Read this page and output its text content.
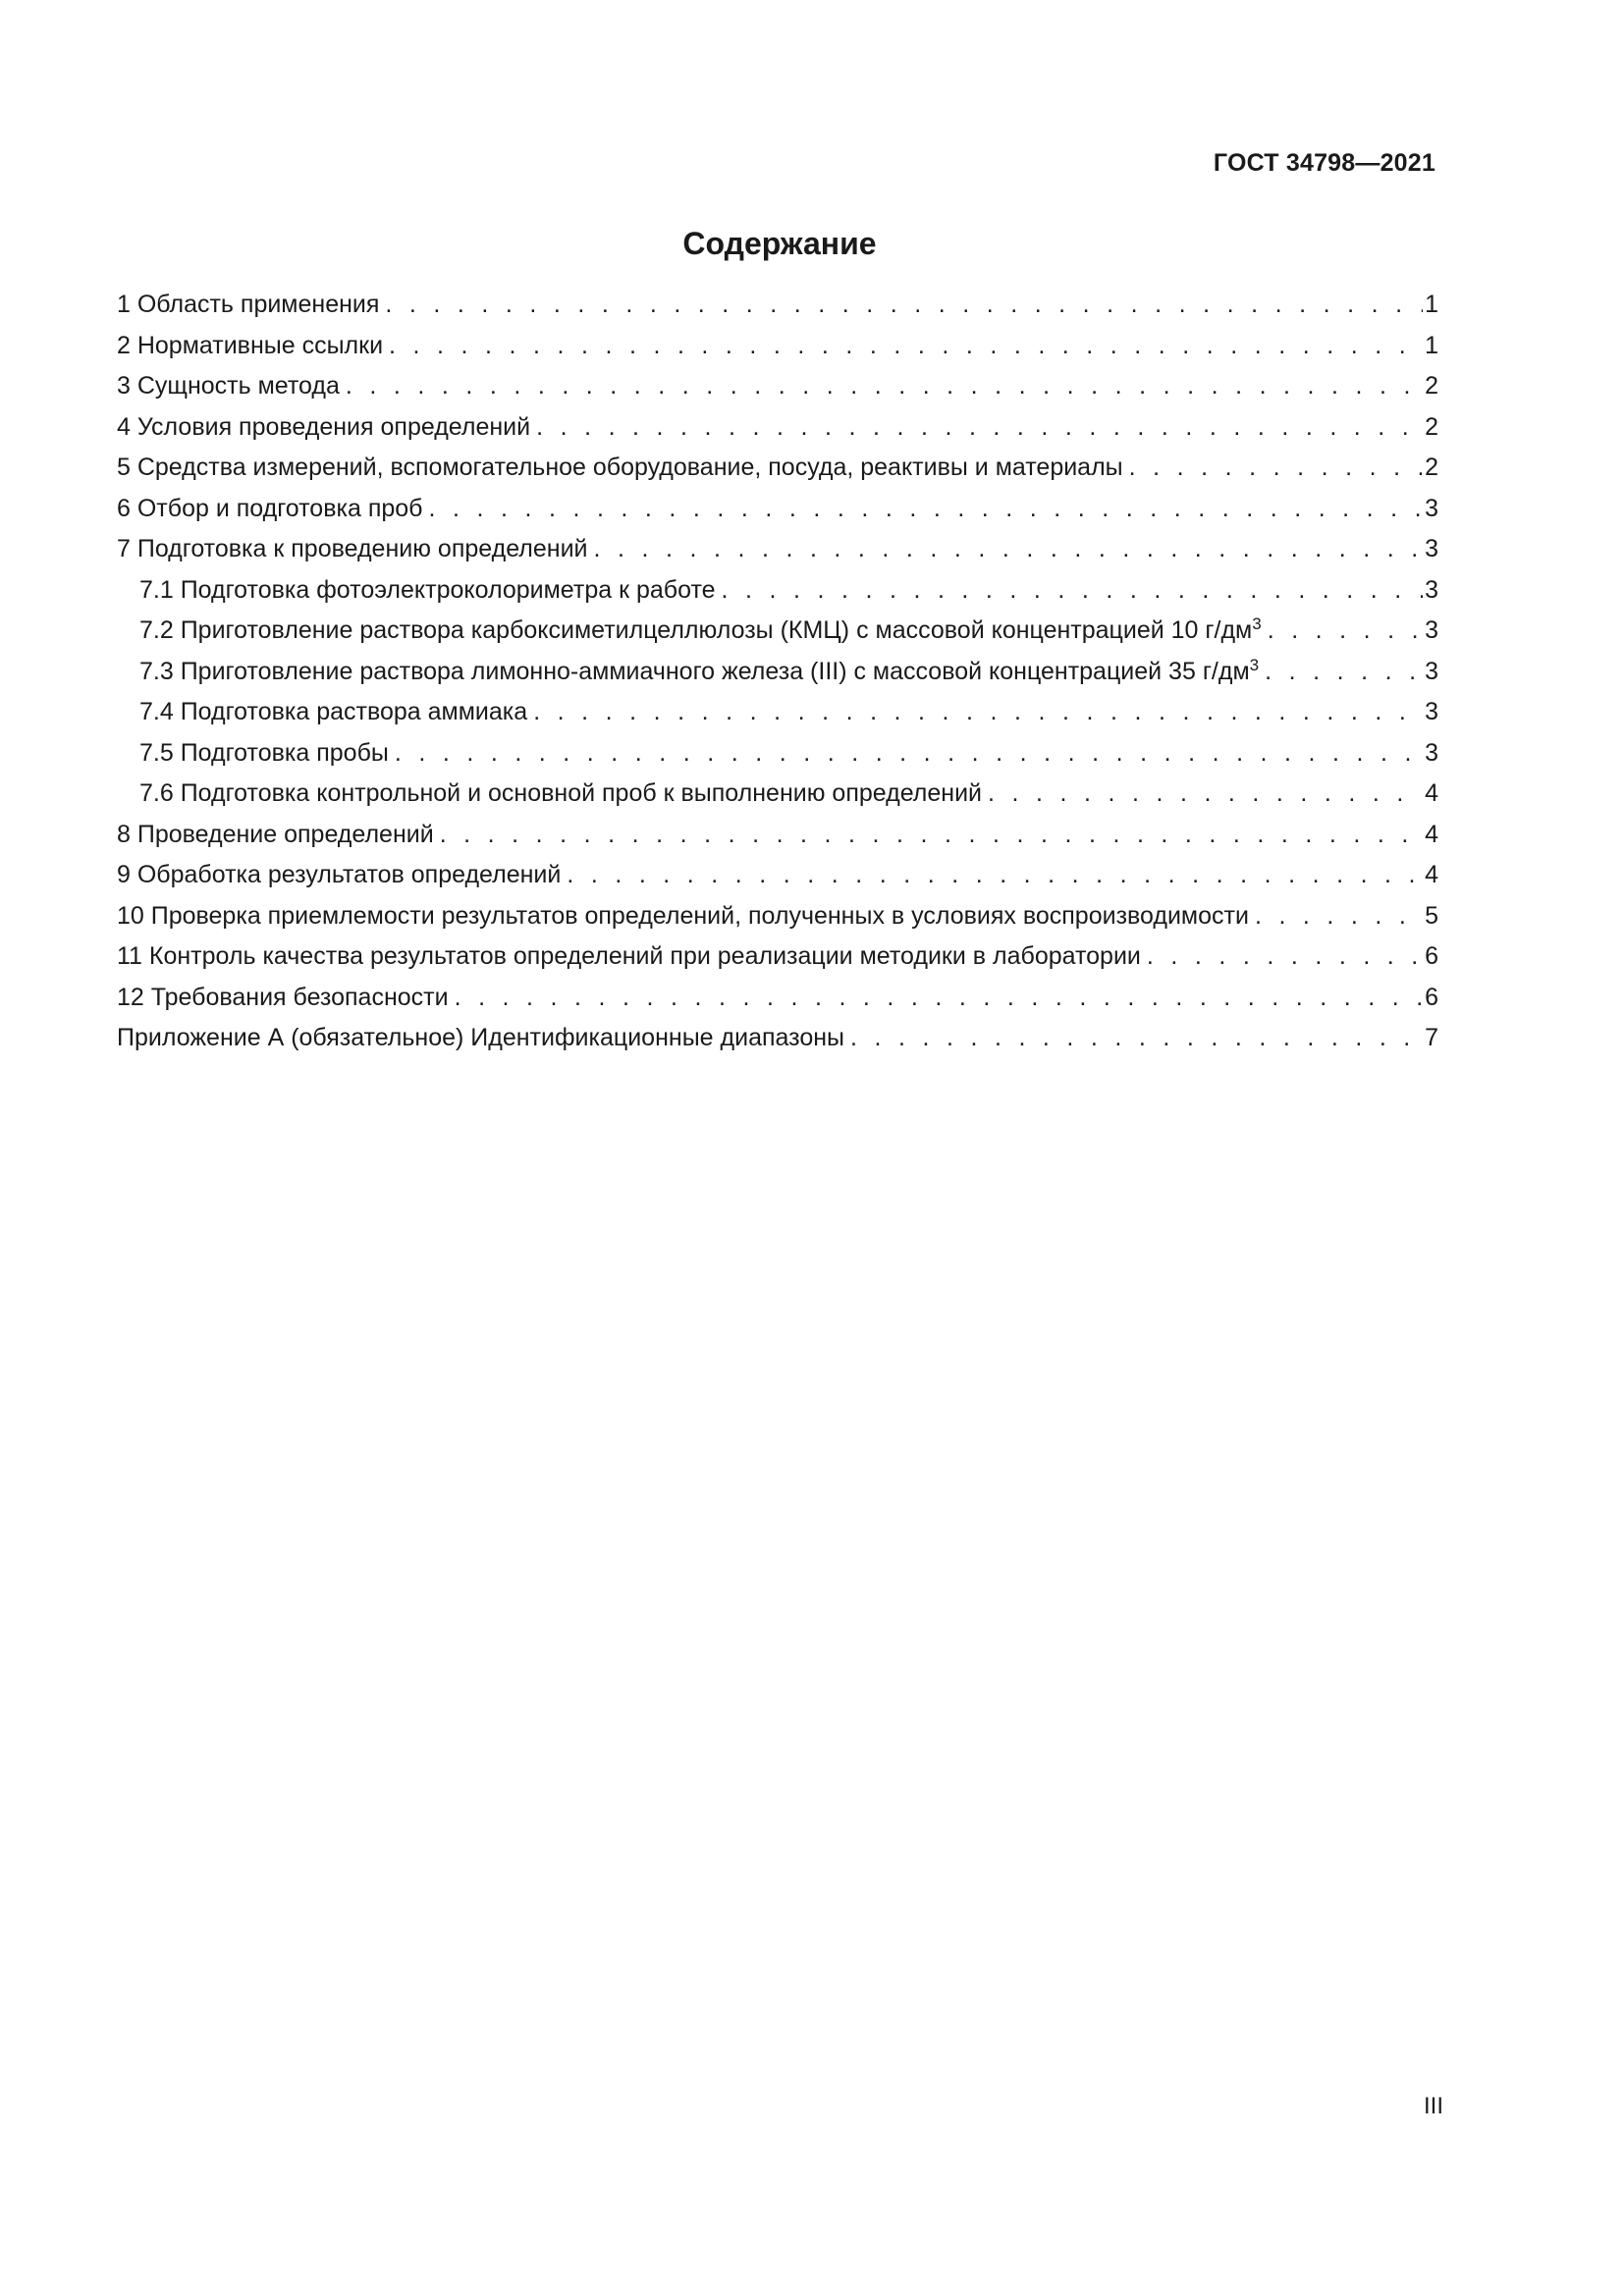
ГОСТ 34798—2021
Содержание
1 Область применения . . .	1
2 Нормативные ссылки . . .	1
3 Сущность метода . . .	2
4 Условия проведения определений . . .	2
5 Средства измерений, вспомогательное оборудование, посуда, реактивы и материалы . . .	2
6 Отбор и подготовка проб . . .	3
7 Подготовка к проведению определений . . .	3
7.1 Подготовка фотоэлектроколориметра к работе . . .	3
7.2 Приготовление раствора карбоксиметилцеллюлозы (КМЦ) с массовой концентрацией 10 $г/дм^3$ . . .	3
7.3 Приготовление раствора лимонно-аммиачного железа (III) с массовой концентрацией 35 $г/дм^3$ . . .	3
7.4 Подготовка раствора аммиака . . .	3
7.5 Подготовка пробы . . .	3
7.6 Подготовка контрольной и основной проб к выполнению определений . . .	4
8 Проведение определений . . .	4
9 Обработка результатов определений . . .	4
10 Проверка приемлемости результатов определений, полученных в условиях воспроизводимости . . .	5
11 Контроль качества результатов определений при реализации методики в лаборатории . . .	6
12 Требования безопасности . . .	6
Приложение А (обязательное) Идентификационные диапазоны . . .	7
III
